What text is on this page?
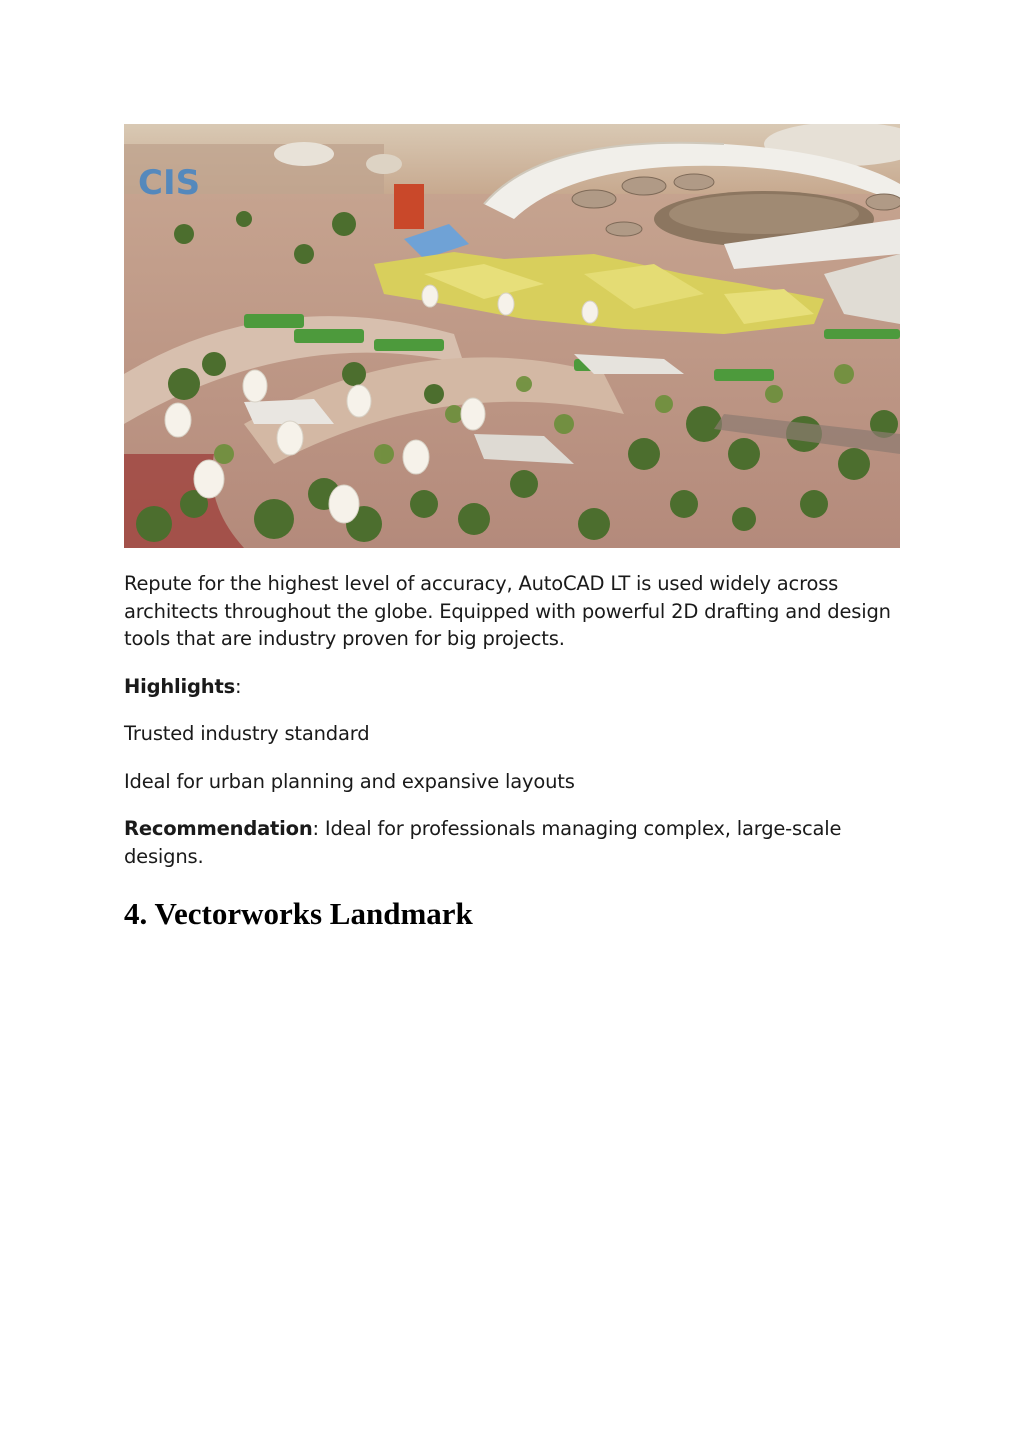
CIS

Repute for the highest level of accuracy, AutoCAD LT is used widely across architects throughout the globe. Equipped with powerful 2D drafting and design tools that are industry proven for big projects.

Highlights:

Trusted industry standard

Ideal for urban planning and expansive layouts

Recommendation: Ideal for professionals managing complex, large-scale designs.

4. Vectorworks Landmark
